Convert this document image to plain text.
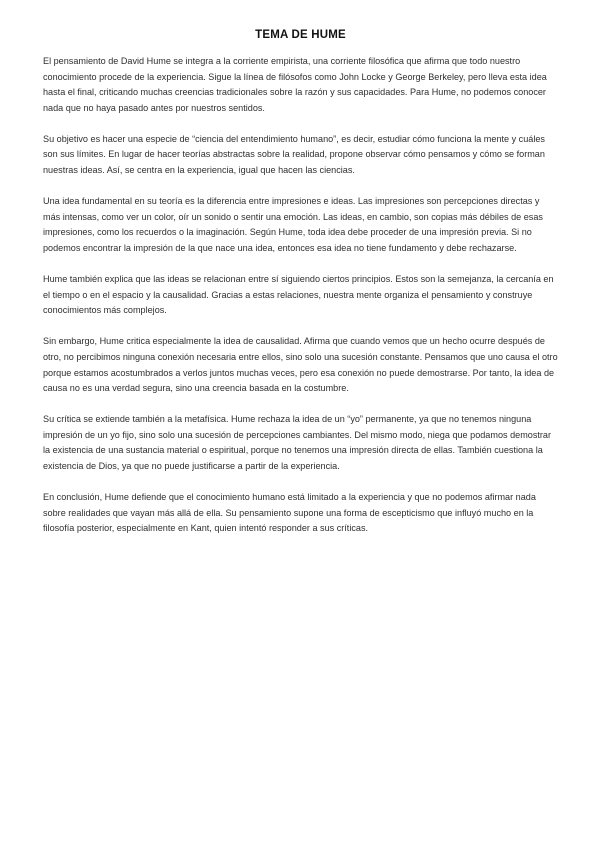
TEMA DE HUME

El pensamiento de David Hume se integra a la corriente empirista, una corriente filosófica que afirma que todo nuestro conocimiento procede de la experiencia. Sigue la línea de filósofos como John Locke y George Berkeley, pero lleva esta idea hasta el final, criticando muchas creencias tradicionales sobre la razón y sus capacidades. Para Hume, no podemos conocer nada que no haya pasado antes por nuestros sentidos.

Su objetivo es hacer una especie de “ciencia del entendimiento humano”, es decir, estudiar cómo funciona la mente y cuáles son sus límites. En lugar de hacer teorías abstractas sobre la realidad, propone observar cómo pensamos y cómo se forman nuestras ideas. Así, se centra en la experiencia, igual que hacen las ciencias.

Una idea fundamental en su teoría es la diferencia entre impresiones e ideas. Las impresiones son percepciones directas y más intensas, como ver un color, oír un sonido o sentir una emoción. Las ideas, en cambio, son copias más débiles de esas impresiones, como los recuerdos o la imaginación. Según Hume, toda idea debe proceder de una impresión previa. Si no podemos encontrar la impresión de la que nace una idea, entonces esa idea no tiene fundamento y debe rechazarse.

Hume también explica que las ideas se relacionan entre sí siguiendo ciertos principios. Estos son la semejanza, la cercanía en el tiempo o en el espacio y la causalidad. Gracias a estas relaciones, nuestra mente organiza el pensamiento y construye conocimientos más complejos.

Sin embargo, Hume critica especialmente la idea de causalidad. Afirma que cuando vemos que un hecho ocurre después de otro, no percibimos ninguna conexión necesaria entre ellos, sino solo una sucesión constante. Pensamos que uno causa el otro porque estamos acostumbrados a verlos juntos muchas veces, pero esa conexión no puede demostrarse. Por tanto, la idea de causa no es una verdad segura, sino una creencia basada en la costumbre.

Su crítica se extiende también a la metafísica. Hume rechaza la idea de un “yo” permanente, ya que no tenemos ninguna impresión de un yo fijo, sino solo una sucesión de percepciones cambiantes. Del mismo modo, niega que podamos demostrar la existencia de una sustancia material o espiritual, porque no tenemos una impresión directa de ellas. También cuestiona la existencia de Dios, ya que no puede justificarse a partir de la experiencia.

En conclusión, Hume defiende que el conocimiento humano está limitado a la experiencia y que no podemos afirmar nada sobre realidades que vayan más allá de ella. Su pensamiento supone una forma de escepticismo que influyó mucho en la filosofía posterior, especialmente en Kant, quien intentó responder a sus críticas.
